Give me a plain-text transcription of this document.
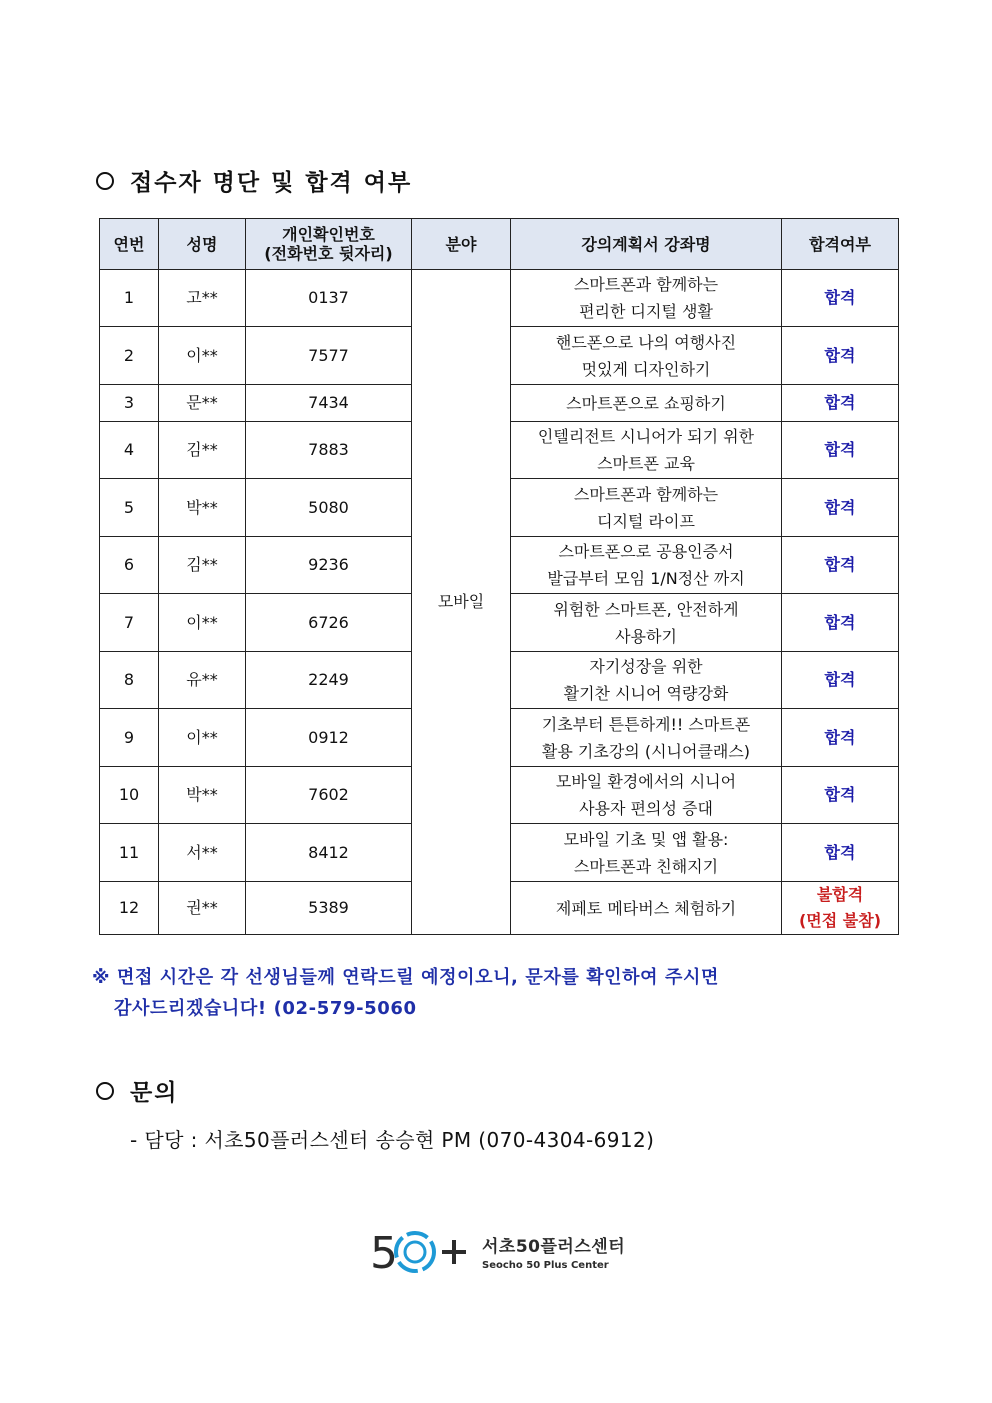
접수자 명단 및 합격 여부
연번	성명	개인확인번호
(전화번호 뒷자리)	분야	강의계획서 강좌명	합격여부
1	고**	0137	모바일	스마트폰과 함께하는
편리한 디지털 생활	합격
2	이**	7577		핸드폰으로 나의 여행사진
멋있게 디자인하기	합격
3	문**	7434		스마트폰으로 쇼핑하기	합격
4	김**	7883		인텔리전트 시니어가 되기 위한
스마트폰 교육	합격
5	박**	5080		스마트폰과 함께하는
디지털 라이프	합격
6	김**	9236		스마트폰으로 공용인증서
발급부터 모임 1/N정산 까지	합격
7	이**	6726		위험한 스마트폰, 안전하게
사용하기	합격
8	유**	2249		자기성장을 위한
활기찬 시니어 역량강화	합격
9	이**	0912		기초부터 튼튼하게!! 스마트폰
활용 기초강의 (시니어클래스)	합격
10	박**	7602		모바일 환경에서의 시니어
사용자 편의성 증대	합격
11	서**	8412		모바일 기초 및 앱 활용:
스마트폰과 친해지기	합격
12	권**	5389		제페토 메타버스 체험하기	불합격
(면접 불참)
※ 면접 시간은 각 선생님들께 연락드릴 예정이오니, 문자를 확인하여 주시면
감사드리겠습니다! (02-579-5060
문의
- 담당 : 서초50플러스센터 송승현 PM (070-4304-6912)
5	서초50플러스센터
Seocho 50 Plus Center
